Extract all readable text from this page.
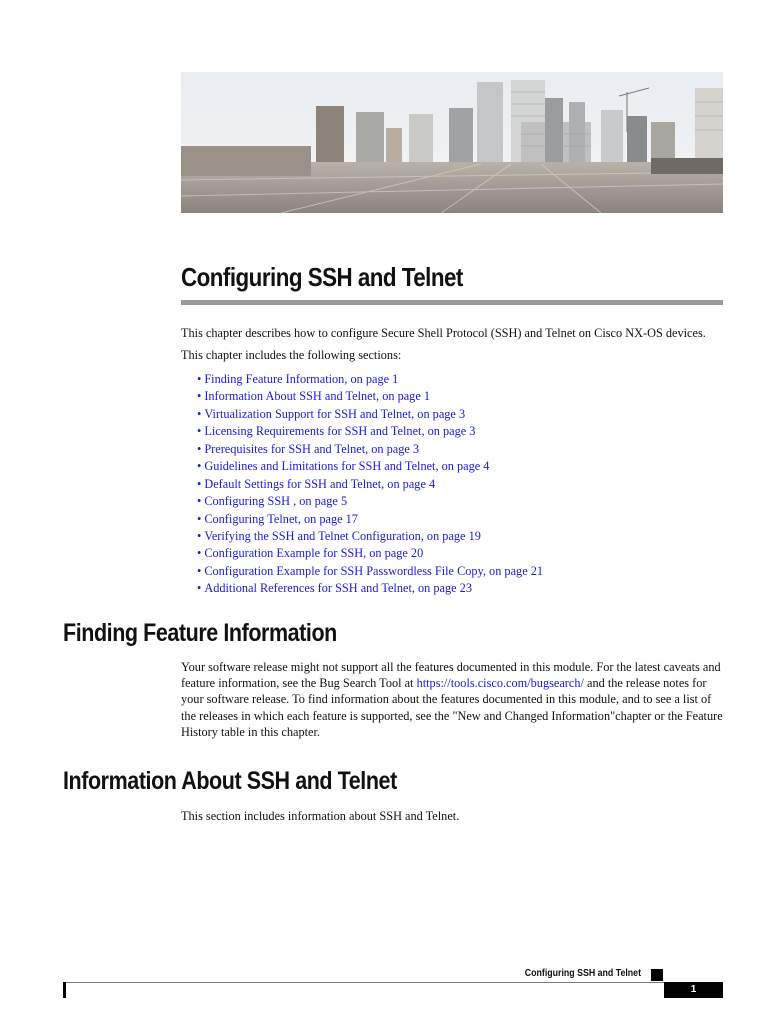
Configuring SSH and Telnet

This chapter describes how to configure Secure Shell Protocol (SSH) and Telnet on Cisco NX-OS devices.

This chapter includes the following sections:

• Finding Feature Information, on page 1
• Information About SSH and Telnet, on page 1
• Virtualization Support for SSH and Telnet, on page 3
• Licensing Requirements for SSH and Telnet, on page 3
• Prerequisites for SSH and Telnet, on page 3
• Guidelines and Limitations for SSH and Telnet, on page 4
• Default Settings for SSH and Telnet, on page 4
• Configuring SSH , on page 5
• Configuring Telnet, on page 17
• Verifying the SSH and Telnet Configuration, on page 19
• Configuration Example for SSH, on page 20
• Configuration Example for SSH Passwordless File Copy, on page 21
• Additional References for SSH and Telnet, on page 23
Finding Feature Information

Your software release might not support all the features documented in this module. For the latest caveats and feature information, see the Bug Search Tool at https://tools.cisco.com/bugsearch/ and the release notes for your software release. To find information about the features documented in this module, and to see a list of the releases in which each feature is supported, see the "New and Changed Information"chapter or the Feature History table in this chapter.

Information About SSH and Telnet

This section includes information about SSH and Telnet.

Configuring SSH and Telnet
1
